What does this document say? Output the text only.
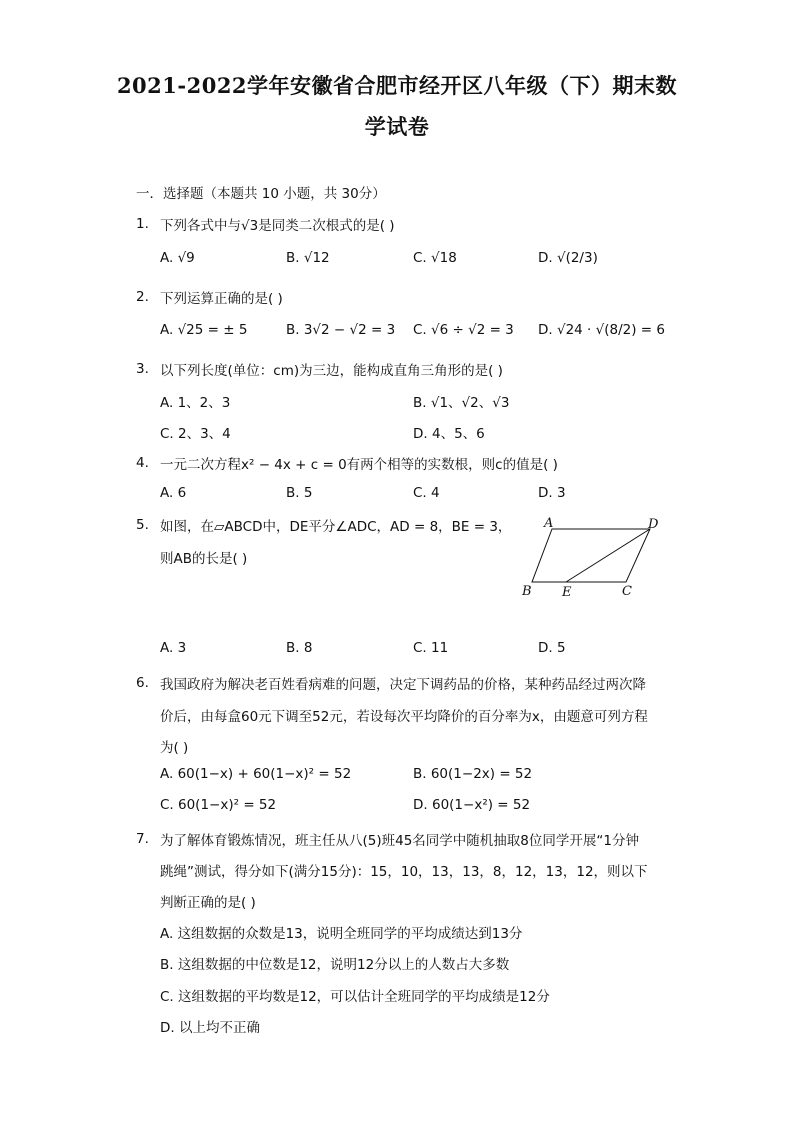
2021-2022学年安徽省合肥市经开区八年级（下）期末数
学试卷
一．选择题（本题共 10 小题，共 30分）
1. 下列各式中与√3是同类二次根式的是( )
A. √9	B. √12	C. √18	D. √(2/3)
2. 下列运算正确的是( )
A. √25 = ± 5	B. 3√2 − √2 = 3 C. √6 ÷ √2 = 3 D. √24 · √(8/2) = 6
3. 以下列长度(单位：cm)为三边，能构成直角三角形的是( )
A. 1、2、3	B. √1、√2、√3
C. 2、3、4	D. 4、5、6
4. 一元二次方程x² − 4x + c = 0有两个相等的实数根，则c的值是( )
A. 6	B. 5	C. 4	D. 3
5. 如图，在▱ABCD中，DE平分∠ADC，AD = 8，BE = 3，
则AB的长是( )
A	D
B E	C
A. 3	B. 8	C. 11	D. 5
6. 我国政府为解决老百姓看病难的问题，决定下调药品的价格，某种药品经过两次降
价后，由每盒60元下调至52元，若设每次平均降价的百分率为x，由题意可列方程
为( )
A. 60(1−x) + 60(1−x)² = 52	B. 60(1−2x) = 52
C. 60(1−x)² = 52	D. 60(1−x²) = 52
7. 为了解体育锻炼情况，班主任从八(5)班45名同学中随机抽取8位同学开展“1分钟
跳绳”测试，得分如下(满分15分)：15，10，13，13，8，12，13，12，则以下
判断正确的是( )
A. 这组数据的众数是13，说明全班同学的平均成绩达到13分
B. 这组数据的中位数是12，说明12分以上的人数占大多数
C. 这组数据的平均数是12，可以估计全班同学的平均成绩是12分
D. 以上均不正确
